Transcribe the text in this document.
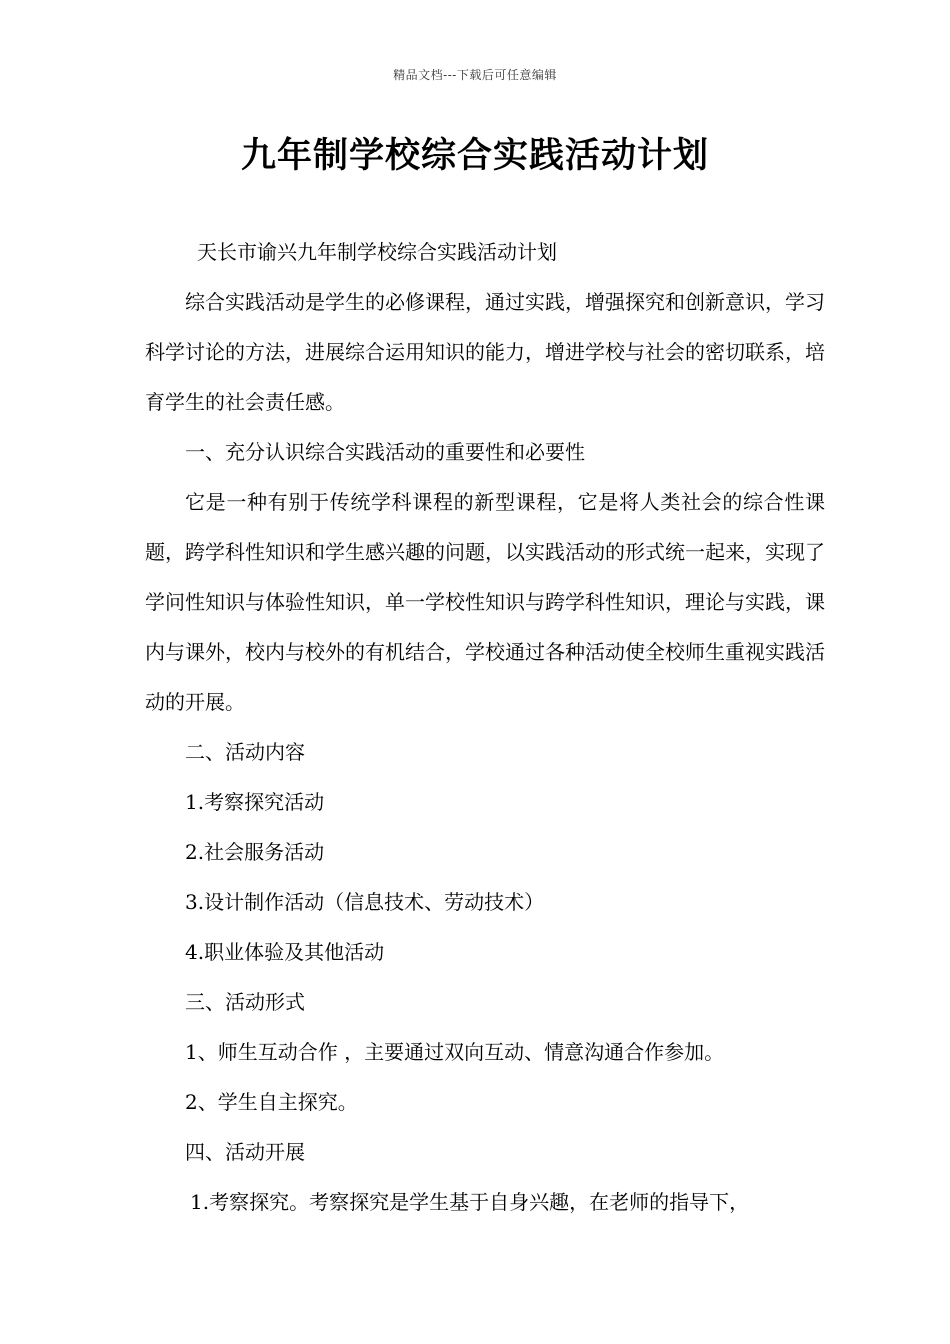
精品文档---下载后可任意编辑
九年制学校综合实践活动计划

天长市谕兴九年制学校综合实践活动计划

综合实践活动是学生的必修课程，通过实践，增强探究和创新意识，学习科学讨论的方法，进展综合运用知识的能力，增进学校与社会的密切联系，培育学生的社会责任感。

一、充分认识综合实践活动的重要性和必要性

它是一种有别于传统学科课程的新型课程，它是将人类社会的综合性课题，跨学科性知识和学生感兴趣的问题，以实践活动的形式统一起来，实现了学问性知识与体验性知识，单一学校性知识与跨学科性知识，理论与实践，课内与课外，校内与校外的有机结合，学校通过各种活动使全校师生重视实践活动的开展。

二、活动内容

1.考察探究活动

2.社会服务活动

3.设计制作活动（信息技术、劳动技术）

4.职业体验及其他活动

三、活动形式

1、师生互动合作 ，主要通过双向互动、情意沟通合作参加。

2、学生自主探究。

四、活动开展

1.考察探究。考察探究是学生基于自身兴趣，在老师的指导下，
